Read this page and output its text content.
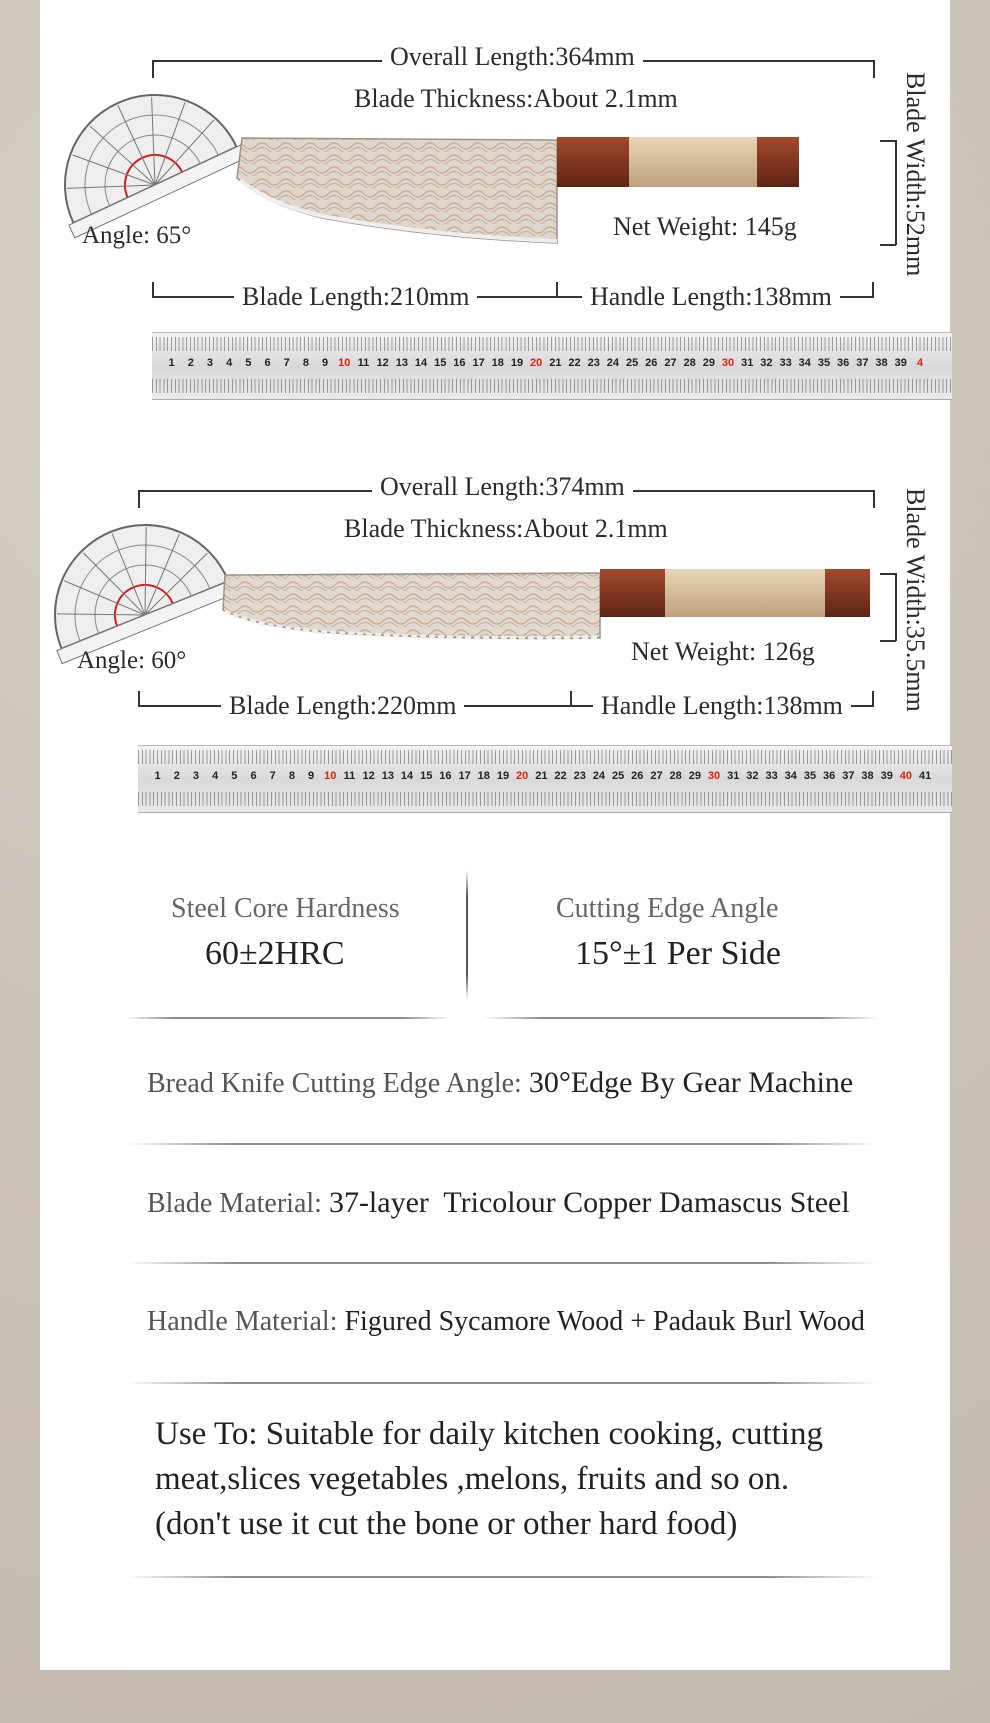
Overall Length:364mm
Blade Thickness:About 2.1mm
Angle: 65°	Net Weight: 145g	Blade Width:52mm
Blade Length:210mm	Handle Length:138mm
1 2 3 4 5 6 7 8 9 10 11 12 13 14 15 16 17 18 19 20 21 22 23 24 25 26 27 28 29 30 31 32 33 34 35 36 37 38 39 4
Overall Length:374mm
Blade Thickness:About 2.1mm
Angle: 60°	Net Weight: 126g	Blade Width:35.5mm
Blade Length:220mm	Handle Length:138mm
1 2 3 4 5 6 7 8 9 10 11 12 13 14 15 16 17 18 19 20 21 22 23 24 25 26 27 28 29 30 31 32 33 34 35 36 37 38 39 40 41
Steel Core Hardness
60±2HRC
Cutting Edge Angle
15°±1 Per Side
Bread Knife Cutting Edge Angle: 30°Edge By Gear Machine
Blade Material: 37-layer  Tricolour Copper Damascus Steel
Handle Material: Figured Sycamore Wood + Padauk Burl Wood
Use To: Suitable for daily kitchen cooking, cutting
meat,slices vegetables ,melons, fruits and so on.
(don't use it cut the bone or other hard food)
